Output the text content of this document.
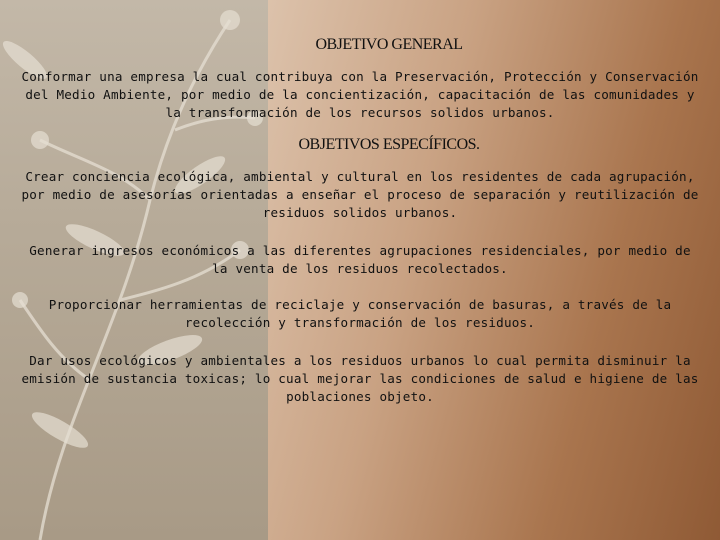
OBJETIVO GENERAL

Conformar una empresa la cual contribuya con la Preservación, Protección y Conservación del Medio Ambiente, por medio de la concientización, capacitación de las comunidades y la transformación de los recursos solidos urbanos.

OBJETIVOS ESPECÍFICOS.

Crear conciencia ecológica, ambiental y cultural en los residentes de cada agrupación, por medio de asesorías orientadas a enseñar el proceso de separación y reutilización de residuos solidos urbanos.

Generar ingresos económicos a las diferentes agrupaciones residenciales, por medio de la venta de los residuos recolectados.

Proporcionar herramientas de reciclaje y conservación de basuras, a través de la recolección y transformación de los residuos.

Dar usos ecológicos y ambientales a los residuos urbanos lo cual permita disminuir la emisión de sustancia toxicas; lo cual mejorar las condiciones de salud e higiene de las poblaciones objeto.
